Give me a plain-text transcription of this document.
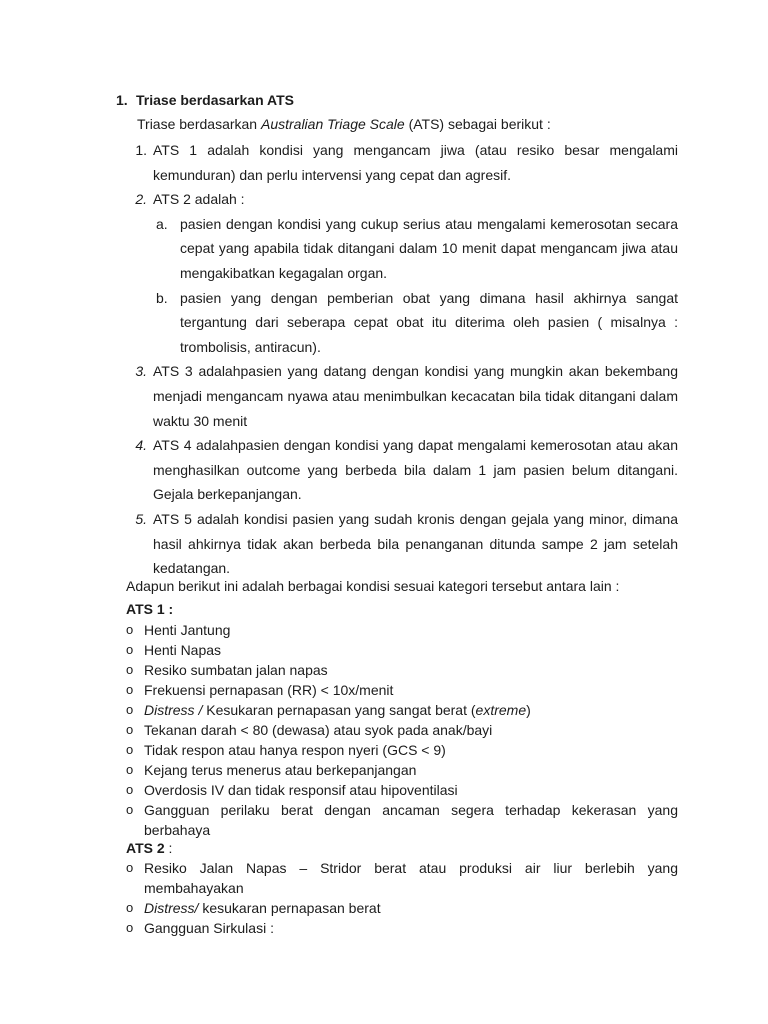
1. Triase berdasarkan ATS
Triase berdasarkan Australian Triage Scale (ATS) sebagai berikut :
1. ATS 1 adalah kondisi yang mengancam jiwa (atau resiko besar mengalami kemunduran) dan perlu intervensi yang cepat dan agresif.
2. ATS 2 adalah :
a. pasien dengan kondisi yang cukup serius atau mengalami kemerosotan secara cepat yang apabila tidak ditangani dalam 10 menit dapat mengancam jiwa atau mengakibatkan kegagalan organ.
b. pasien yang dengan pemberian obat yang dimana hasil akhirnya sangat tergantung dari seberapa cepat obat itu diterima oleh pasien ( misalnya : trombolisis, antiracun).
3. ATS 3 adalahpasien yang datang dengan kondisi yang mungkin akan bekembang menjadi mengancam nyawa atau menimbulkan kecacatan bila tidak ditangani dalam waktu 30 menit
4. ATS 4 adalahpasien dengan kondisi yang dapat mengalami kemerosotan atau akan menghasilkan outcome yang berbeda bila dalam 1 jam pasien belum ditangani. Gejala berkepanjangan.
5. ATS 5 adalah kondisi pasien yang sudah kronis dengan gejala yang minor, dimana hasil ahkirnya tidak akan berbeda bila penanganan ditunda sampe 2 jam setelah kedatangan.
Adapun berikut ini adalah berbagai kondisi sesuai kategori tersebut antara lain :
ATS 1 :
o Henti Jantung
o Henti Napas
o Resiko sumbatan jalan napas
o Frekuensi pernapasan (RR) < 10x/menit
o Distress / Kesukaran pernapasan yang sangat berat (extreme)
o Tekanan darah < 80 (dewasa) atau syok pada anak/bayi
o Tidak respon atau hanya respon nyeri (GCS < 9)
o Kejang terus menerus atau berkepanjangan
o Overdosis IV dan tidak responsif atau hipoventilasi
o Gangguan perilaku berat dengan ancaman segera terhadap kekerasan yang berbahaya
ATS 2 :
o Resiko Jalan Napas – Stridor berat atau produksi air liur berlebih yang membahayakan
o Distress/ kesukaran pernapasan berat
o Gangguan Sirkulasi :
